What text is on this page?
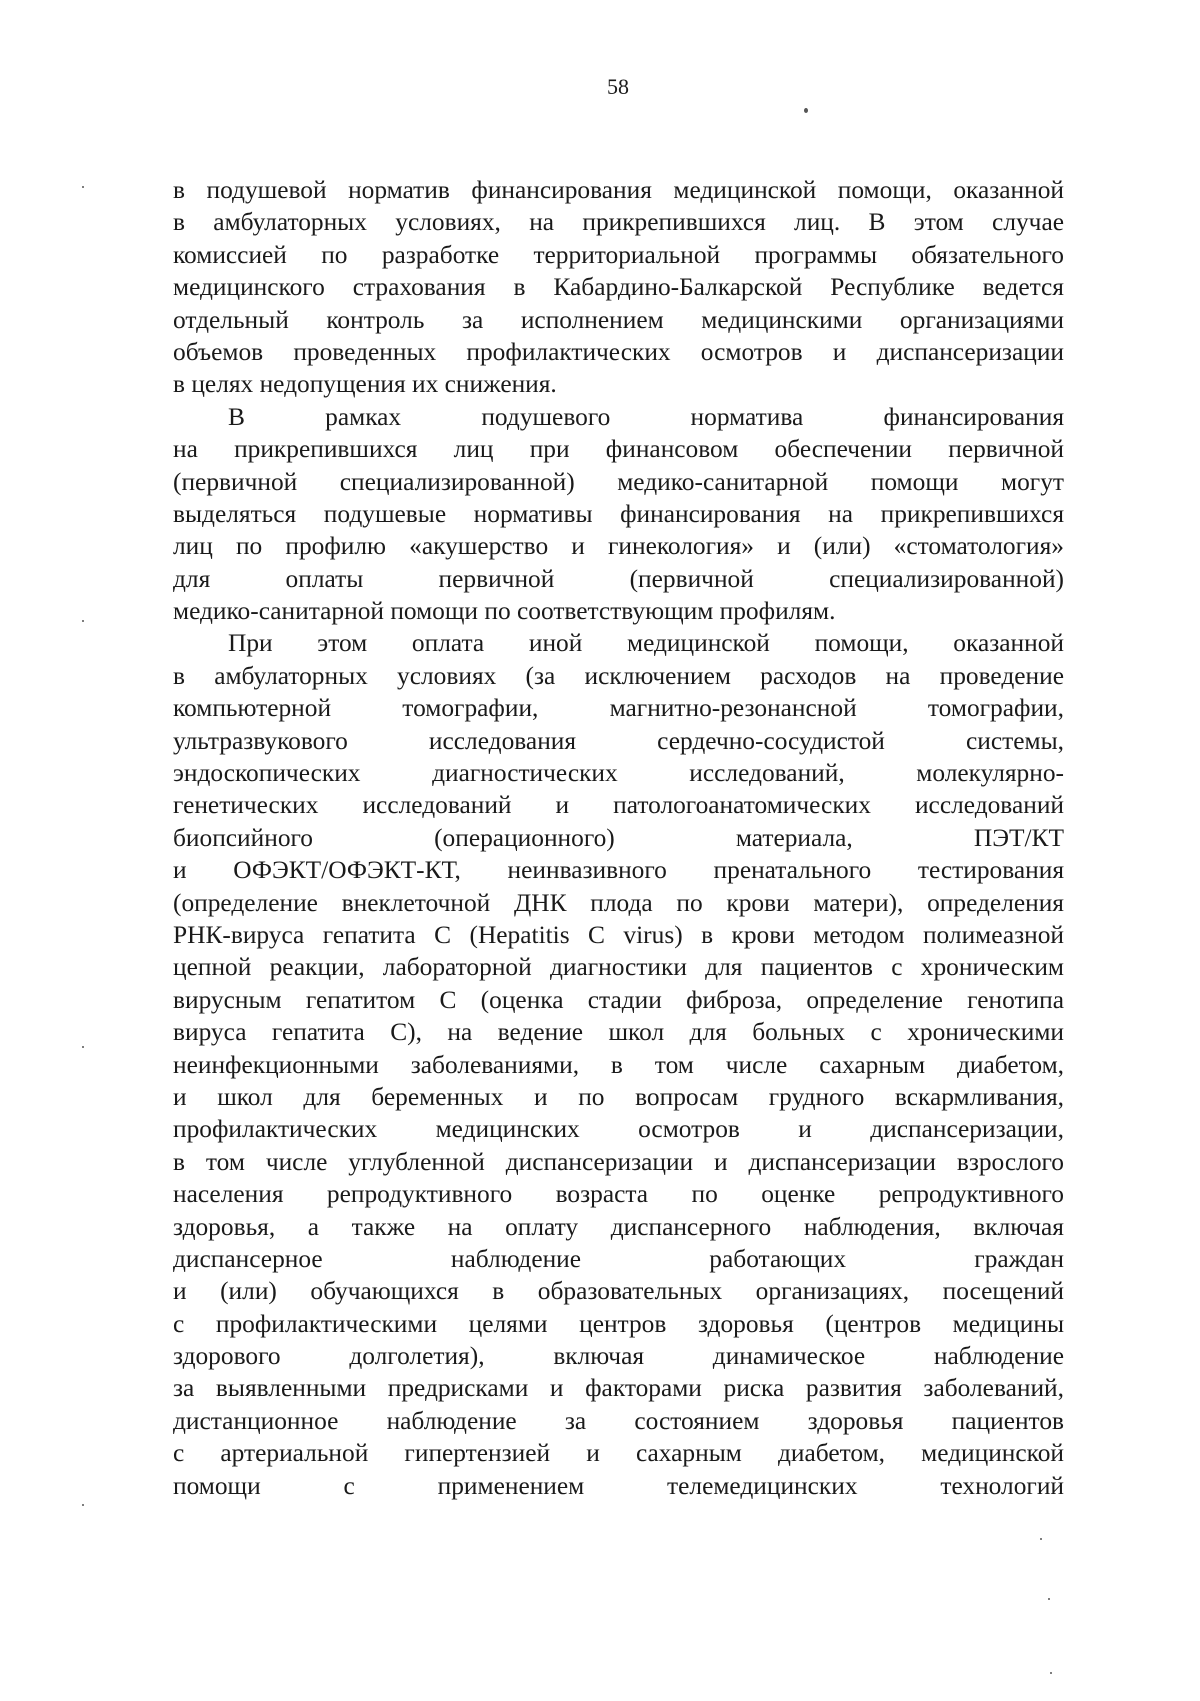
58
в подушевой норматив финансирования медицинской помощи, оказанной
в амбулаторных условиях, на прикрепившихся лиц. В этом случае
комиссией по разработке территориальной программы обязательного
медицинского страхования в Кабардино-Балкарской Республике ведется
отдельный контроль за исполнением медицинскими организациями
объемов проведенных профилактических осмотров и диспансеризации
в целях недопущения их снижения.
В рамках подушевого норматива финансирования
на прикрепившихся лиц при финансовом обеспечении первичной
(первичной специализированной) медико-санитарной помощи могут
выделяться подушевые нормативы финансирования на прикрепившихся
лиц по профилю «акушерство и гинекология» и (или) «стоматология»
для оплаты первичной (первичной специализированной)
медико-санитарной помощи по соответствующим профилям.
При этом оплата иной медицинской помощи, оказанной
в амбулаторных условиях (за исключением расходов на проведение
компьютерной томографии, магнитно-резонансной томографии,
ультразвукового исследования сердечно-сосудистой системы,
эндоскопических диагностических исследований, молекулярно-
генетических исследований и патологоанатомических исследований
биопсийного (операционного) материала, ПЭТ/КТ
и ОФЭКТ/ОФЭКТ-КТ, неинвазивного пренатального тестирования
(определение внеклеточной ДНК плода по крови матери), определения
РНК-вируса гепатита С (Hepatitis С virus) в крови методом полимеазной
цепной реакции, лабораторной диагностики для пациентов с хроническим
вирусным гепатитом С (оценка стадии фиброза, определение генотипа
вируса гепатита С), на ведение школ для больных с хроническими
неинфекционными заболеваниями, в том числе сахарным диабетом,
и школ для беременных и по вопросам грудного вскармливания,
профилактических медицинских осмотров и диспансеризации,
в том числе углубленной диспансеризации и диспансеризации взрослого
населения репродуктивного возраста по оценке репродуктивного
здоровья, а также на оплату диспансерного наблюдения, включая
диспансерное наблюдение работающих граждан
и (или) обучающихся в образовательных организациях, посещений
с профилактическими целями центров здоровья (центров медицины
здорового долголетия), включая динамическое наблюдение
за выявленными предрисками и факторами риска развития заболеваний,
дистанционное наблюдение за состоянием здоровья пациентов
с артериальной гипертензией и сахарным диабетом, медицинской
помощи с применением телемедицинских технологий
